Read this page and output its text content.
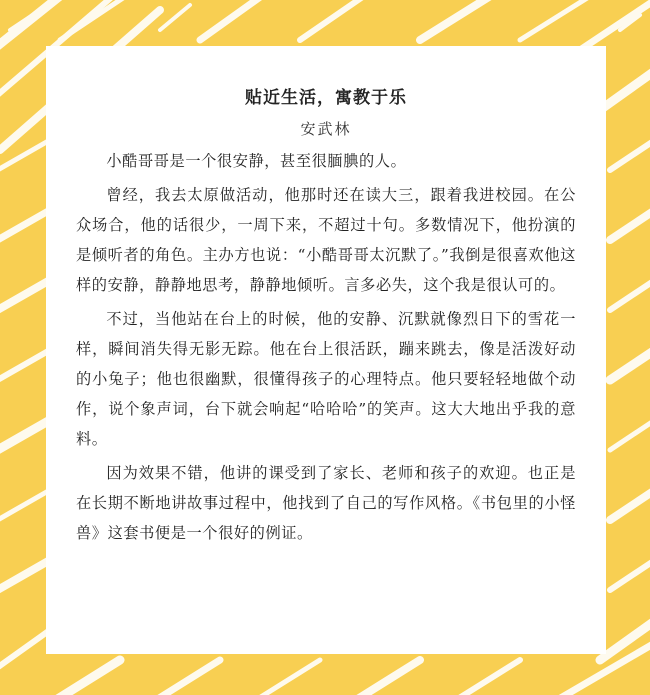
贴近生活，寓教于乐
安武林

小酷哥哥是一个很安静，甚至很腼腆的人。

曾经，我去太原做活动，他那时还在读大三，跟着我进校园。在公众场合，他的话很少，一周下来，不超过十句。多数情况下，他扮演的是倾听者的角色。主办方也说：“小酷哥哥太沉默了。”我倒是很喜欢他这样的安静，静静地思考，静静地倾听。言多必失，这个我是很认可的。

不过，当他站在台上的时候，他的安静、沉默就像烈日下的雪花一样，瞬间消失得无影无踪。他在台上很活跃，蹦来跳去，像是活泼好动的小兔子；他也很幽默，很懂得孩子的心理特点。他只要轻轻地做个动作，说个象声词，台下就会响起“哈哈哈”的笑声。这大大地出乎我的意料。

因为效果不错，他讲的课受到了家长、老师和孩子的欢迎。也正是在长期不断地讲故事过程中，他找到了自己的写作风格。《书包里的小怪兽》这套书便是一个很好的例证。
